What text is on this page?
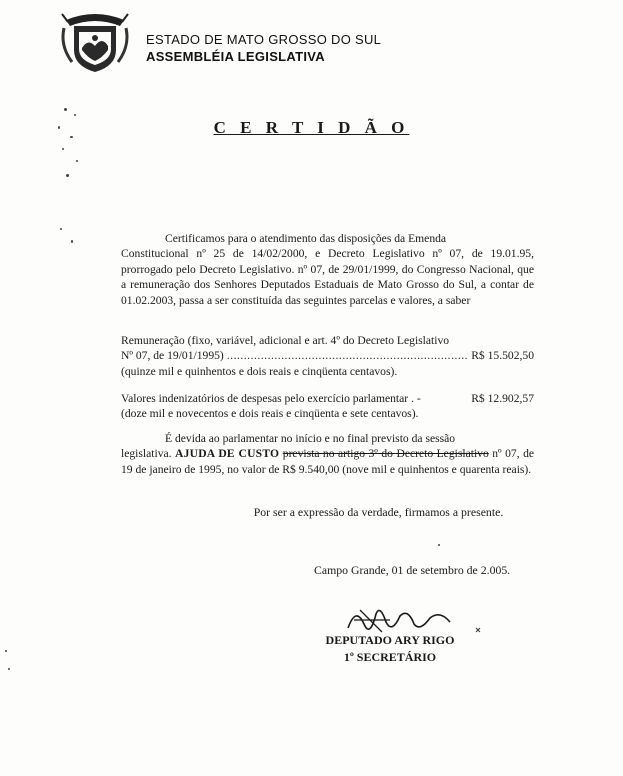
ESTADO DE MATO GROSSO DO SUL
ASSEMBLÉIA LEGISLATIVA
C E R T I D Ã O
Certificamos para o atendimento das disposições da Emenda
Constitucional nº 25 de 14/02/2000, e Decreto Legislativo nº 07, de 19.01.95, prorrogado pelo Decreto Legislativo. nº 07, de 29/01/1999, do Congresso Nacional, que a remuneração dos Senhores Deputados Estaduais de Mato Grosso do Sul, a contar de 01.02.2003, passa a ser constituída das seguintes parcelas e valores, a saber
Remuneração (fixo, variável, adicional e art. 4º do Decreto Legislativo
Nº 07, de 19/01/1995)
.....	R$ 15.502,50
(quinze mil e quinhentos e dois reais e cinqüenta centavos).
Valores indenizatórios de despesas pelo exercício parlamentar . -	R$ 12.902,57
(doze mil e novecentos e dois reais e cinqüenta e sete centavos).
É devida ao parlamentar no início e no final previsto da sessão
legislativa. AJUDA DE CUSTO prevista no artigo 3º do Decreto Legislativo nº 07, de 19 de janeiro de 1995, no valor de R$ 9.540,00 (nove mil e quinhentos e quarenta reais).
Por ser a expressão da verdade, firmamos a presente.
Campo Grande, 01 de setembro de 2.005.
DEPUTADO ARY RIGO
1º SECRETÁRIO
